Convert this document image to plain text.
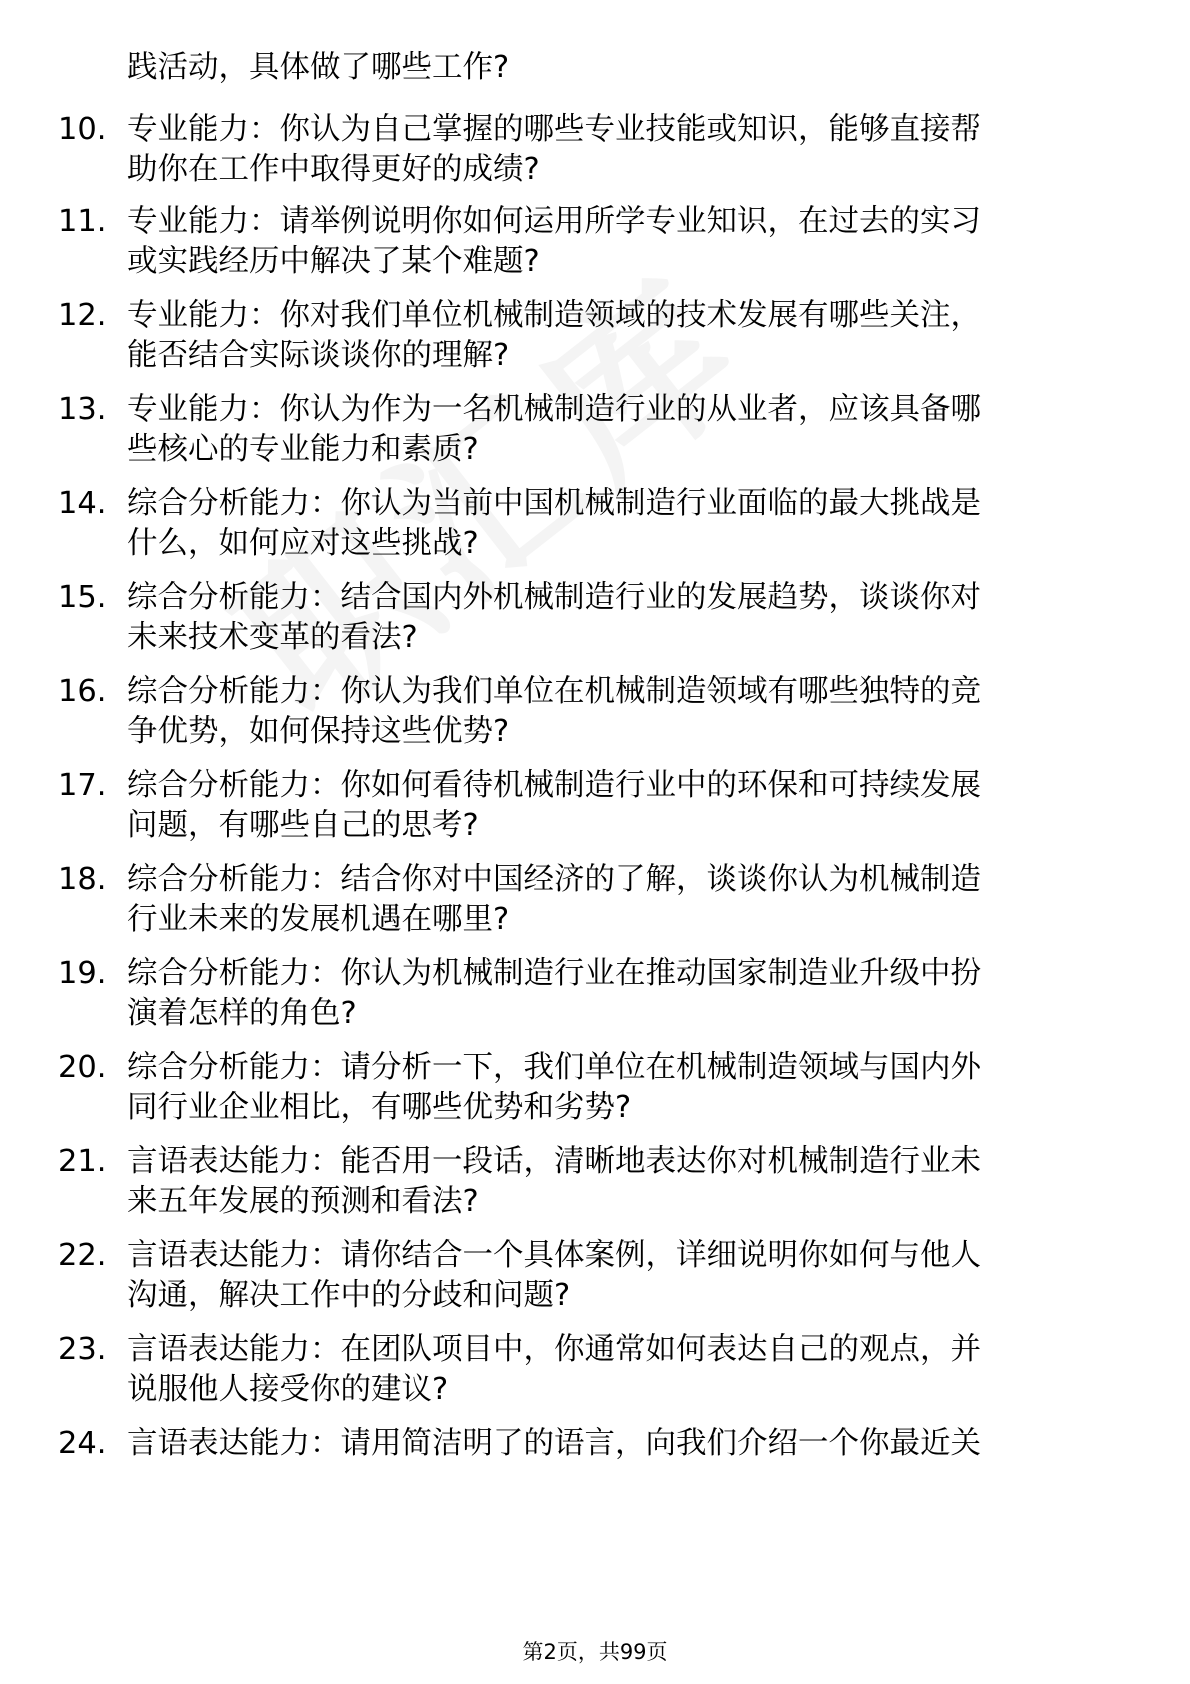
践活动，具体做了哪些工作?
10. 专业能力：你认为自己掌握的哪些专业技能或知识，能够直接帮
助你在工作中取得更好的成绩?
11. 专业能力：请举例说明你如何运用所学专业知识，在过去的实习
或实践经历中解决了某个难题?
12. 专业能力：你对我们单位机械制造领域的技术发展有哪些关注，
能否结合实际谈谈你的理解?
13. 专业能力：你认为作为一名机械制造行业的从业者，应该具备哪
些核心的专业能力和素质?
14. 综合分析能力：你认为当前中国机械制造行业面临的最大挑战是
什么，如何应对这些挑战?
15. 综合分析能力：结合国内外机械制造行业的发展趋势，谈谈你对
未来技术变革的看法?
16. 综合分析能力：你认为我们单位在机械制造领域有哪些独特的竞
争优势，如何保持这些优势?
17. 综合分析能力：你如何看待机械制造行业中的环保和可持续发展
问题，有哪些自己的思考?
18. 综合分析能力：结合你对中国经济的了解，谈谈你认为机械制造
行业未来的发展机遇在哪里?
19. 综合分析能力：你认为机械制造行业在推动国家制造业升级中扮
演着怎样的角色?
20. 综合分析能力：请分析一下，我们单位在机械制造领域与国内外
同行业企业相比，有哪些优势和劣势?
21. 言语表达能力：能否用一段话，清晰地表达你对机械制造行业未
来五年发展的预测和看法?
22. 言语表达能力：请你结合一个具体案例，详细说明你如何与他人
沟通，解决工作中的分歧和问题?
23. 言语表达能力：在团队项目中，你通常如何表达自己的观点，并
说服他人接受你的建议?
24. 言语表达能力：请用简洁明了的语言，向我们介绍一个你最近关
第2页，共99页
